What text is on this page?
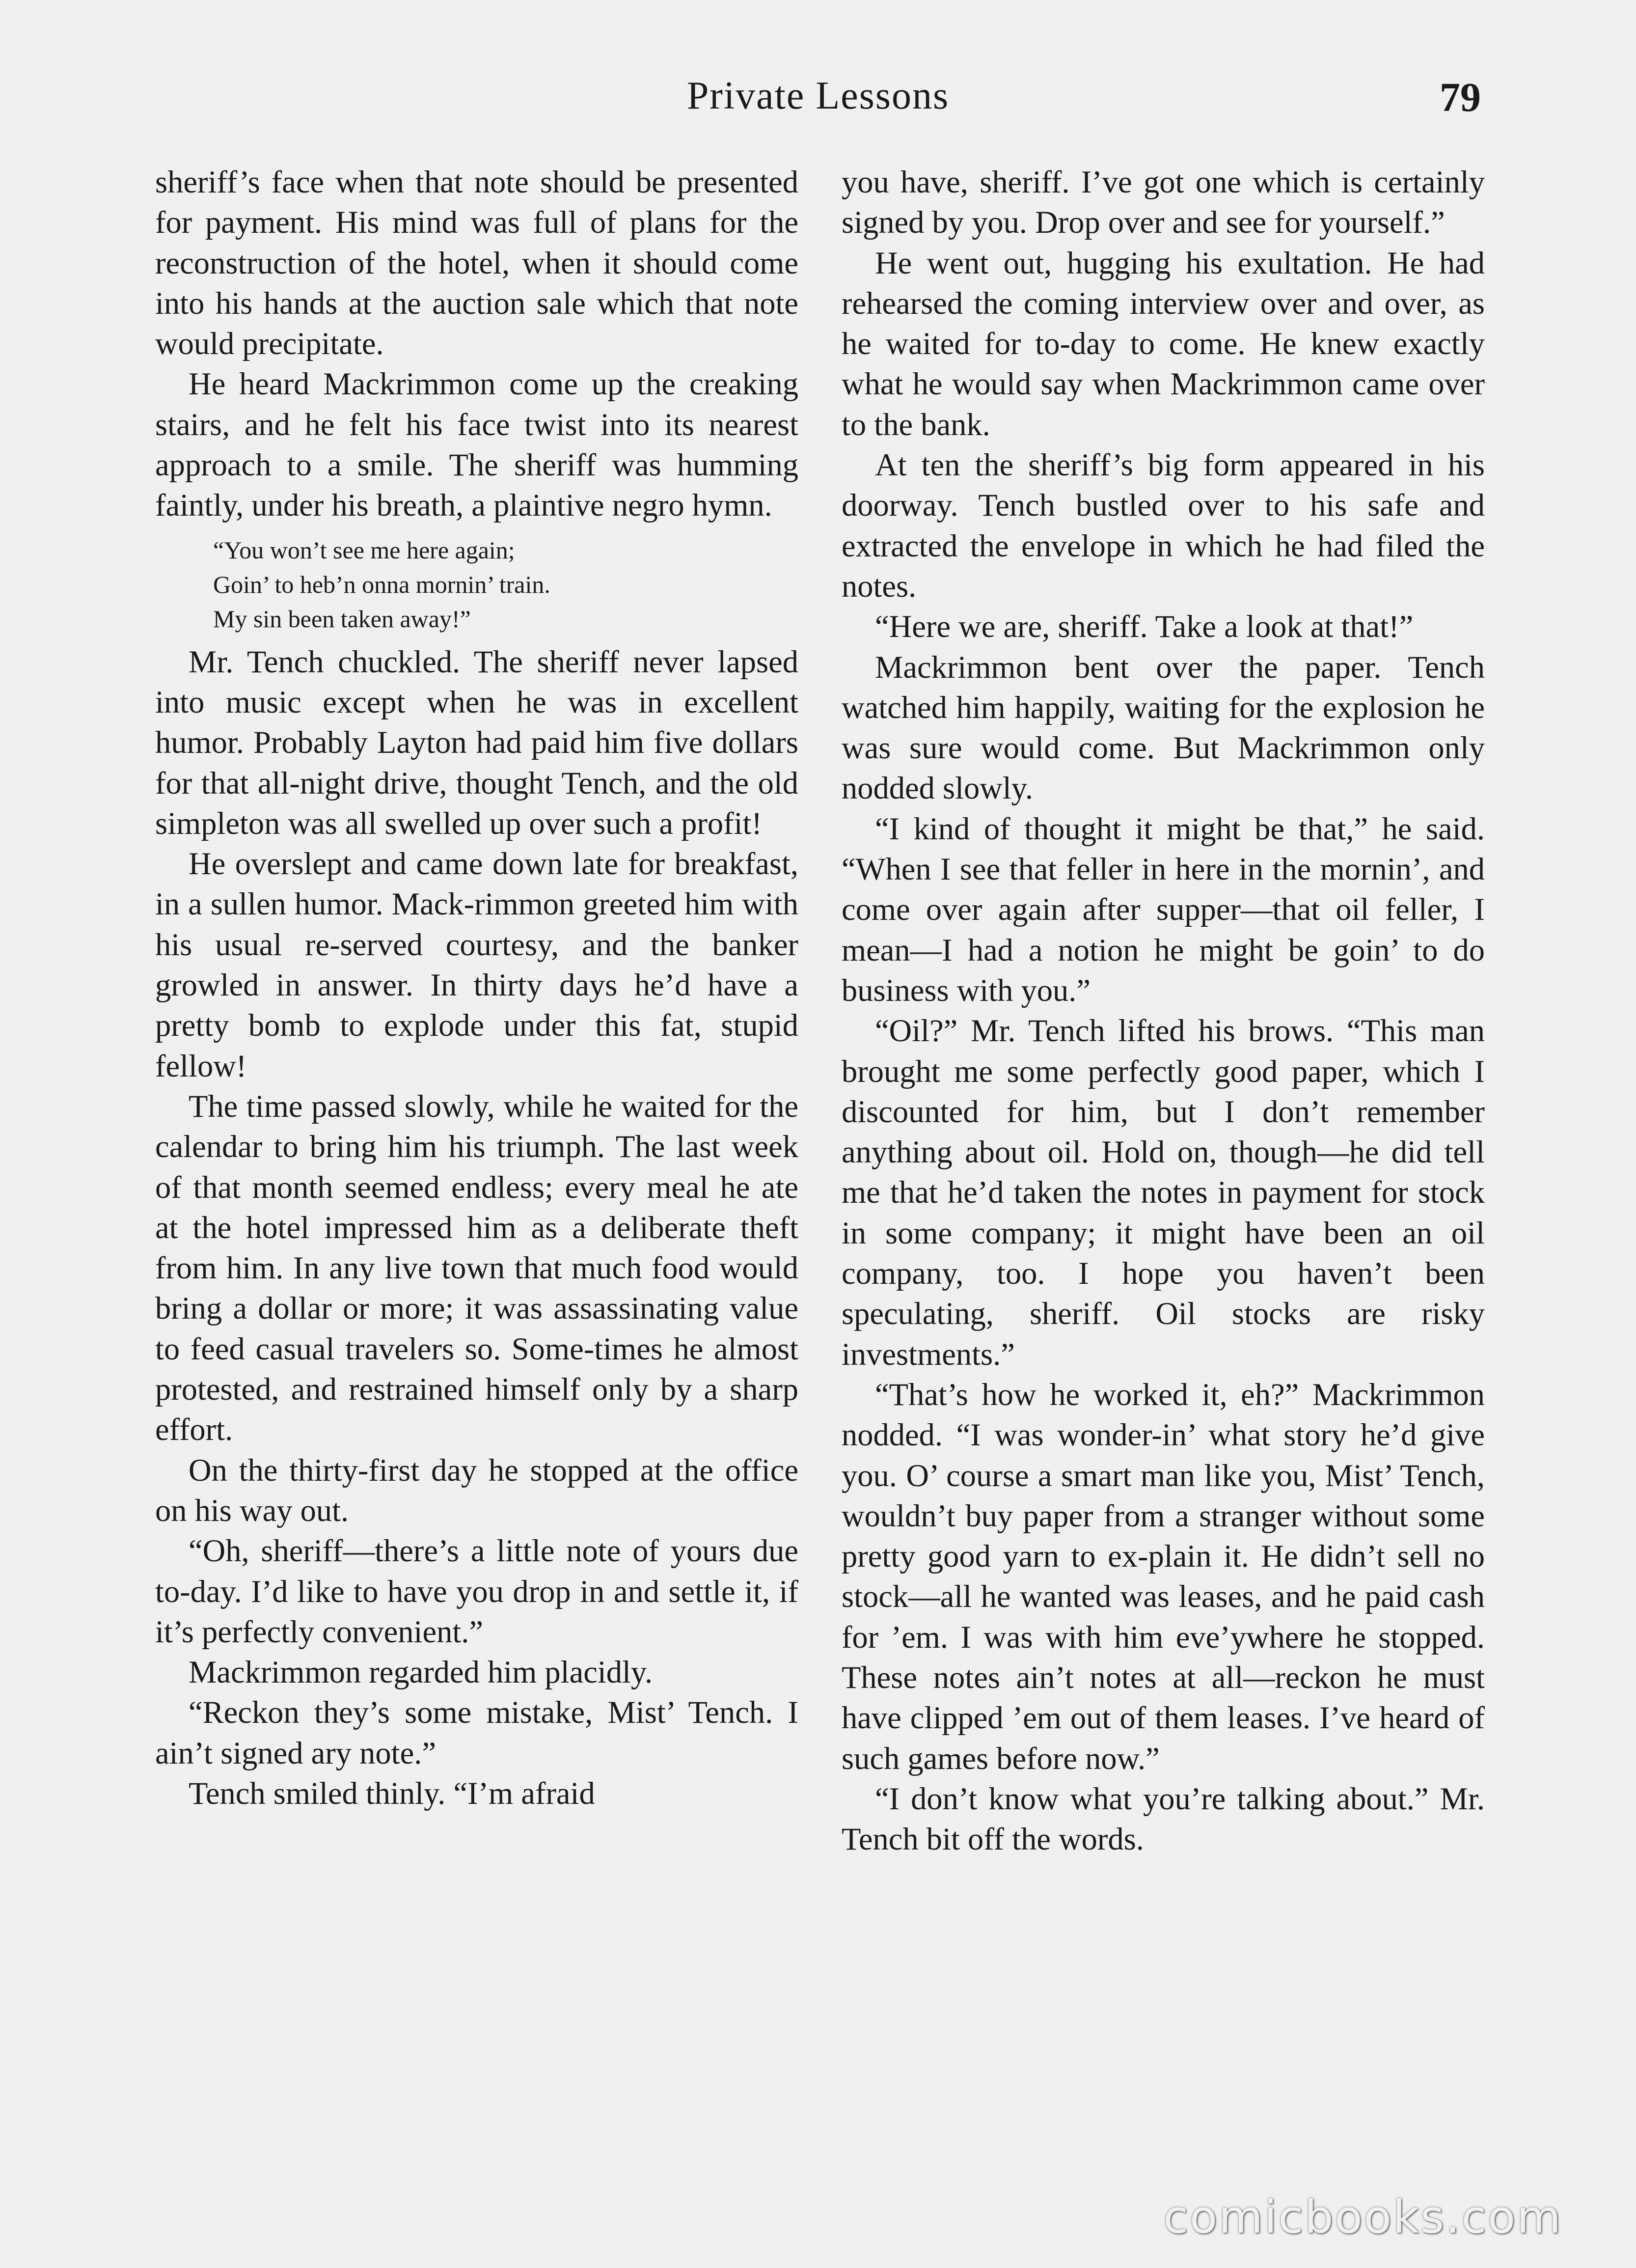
Private Lessons	79

sheriff’s face when that note should be presented for payment. His mind was full of plans for the reconstruction of the hotel, when it should come into his hands at the auction sale which that note would precipitate.

He heard Mackrimmon come up the creaking stairs, and he felt his face twist into its nearest approach to a smile. The sheriff was humming faintly, under his breath, a plaintive negro hymn.

“You won’t see me here again;
Goin’ to heb’n onna mornin’ train.
My sin been taken away!”

Mr. Tench chuckled. The sheriff never lapsed into music except when he was in excellent humor. Probably Layton had paid him five dollars for that all-night drive, thought Tench, and the old simpleton was all swelled up over such a profit!

He overslept and came down late for breakfast, in a sullen humor. Mack-rimmon greeted him with his usual re-served courtesy, and the banker growled in answer. In thirty days he’d have a pretty bomb to explode under this fat, stupid fellow!

The time passed slowly, while he waited for the calendar to bring him his triumph. The last week of that month seemed endless; every meal he ate at the hotel impressed him as a deliberate theft from him. In any live town that much food would bring a dollar or more; it was assassinating value to feed casual travelers so. Some-times he almost protested, and restrained himself only by a sharp effort.

On the thirty-first day he stopped at the office on his way out.

“Oh, sheriff—there’s a little note of yours due to-day. I’d like to have you drop in and settle it, if it’s perfectly convenient.”

Mackrimmon regarded him placidly.

“Reckon they’s some mistake, Mist’ Tench. I ain’t signed ary note.”

Tench smiled thinly. “I’m afraid

you have, sheriff. I’ve got one which is certainly signed by you. Drop over and see for yourself.”

He went out, hugging his exultation. He had rehearsed the coming interview over and over, as he waited for to-day to come. He knew exactly what he would say when Mackrimmon came over to the bank.

At ten the sheriff’s big form appeared in his doorway. Tench bustled over to his safe and extracted the envelope in which he had filed the notes.

“Here we are, sheriff. Take a look at that!”

Mackrimmon bent over the paper. Tench watched him happily, waiting for the explosion he was sure would come. But Mackrimmon only nodded slowly.

“I kind of thought it might be that,” he said. “When I see that feller in here in the mornin’, and come over again after supper—that oil feller, I mean—I had a notion he might be goin’ to do business with you.”

“Oil?” Mr. Tench lifted his brows. “This man brought me some perfectly good paper, which I discounted for him, but I don’t remember anything about oil. Hold on, though—he did tell me that he’d taken the notes in payment for stock in some company; it might have been an oil company, too. I hope you haven’t been speculating, sheriff. Oil stocks are risky investments.”

“That’s how he worked it, eh?” Mackrimmon nodded. “I was wonder-in’ what story he’d give you. O’ course a smart man like you, Mist’ Tench, wouldn’t buy paper from a stranger without some pretty good yarn to ex-plain it. He didn’t sell no stock—all he wanted was leases, and he paid cash for ’em. I was with him eve’ywhere he stopped. These notes ain’t notes at all—reckon he must have clipped ’em out of them leases. I’ve heard of such games before now.”

“I don’t know what you’re talking about.” Mr. Tench bit off the words.

comicbooks.com
